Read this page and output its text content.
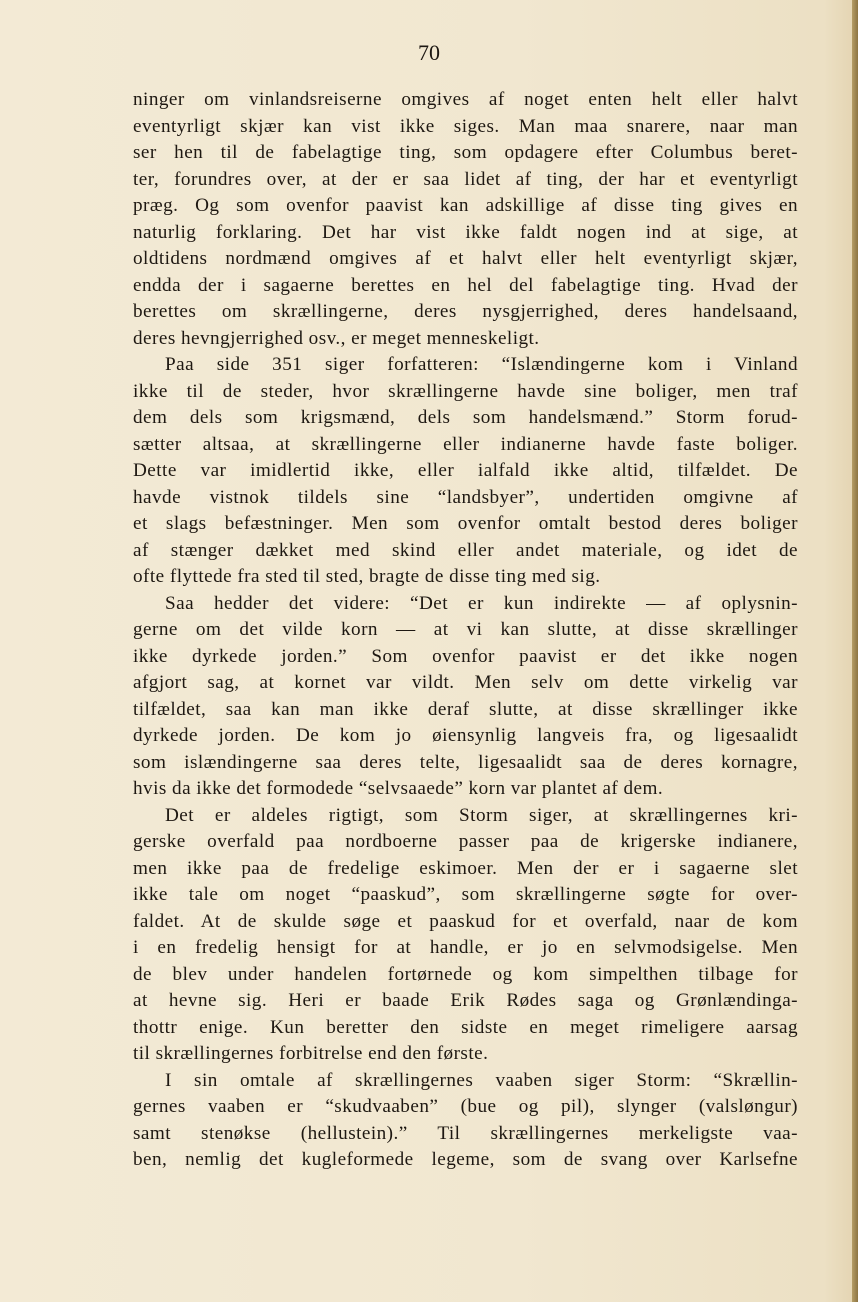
70
ninger om vinlandsreiserne omgives af noget enten helt eller halvt
eventyrligt skjær kan vist ikke siges. Man maa snarere, naar man
ser hen til de fabelagtige ting, som opdagere efter Columbus beret-
ter, forundres over, at der er saa lidet af ting, der har et eventyrligt
præg. Og som ovenfor paavist kan adskillige af disse ting gives en
naturlig forklaring. Det har vist ikke faldt nogen ind at sige, at
oldtidens nordmænd omgives af et halvt eller helt eventyrligt skjær,
endda der i sagaerne berettes en hel del fabelagtige ting. Hvad der
berettes om skrællingerne, deres nysgjerrighed, deres handelsaand,
deres hevngjerrighed osv., er meget menneskeligt.
Paa side 351 siger forfatteren: “Islændingerne kom i Vinland
ikke til de steder, hvor skrællingerne havde sine boliger, men traf
dem dels som krigsmænd, dels som handelsmænd.” Storm forud-
sætter altsaa, at skrællingerne eller indianerne havde faste boliger.
Dette var imidlertid ikke, eller ialfald ikke altid, tilfældet. De
havde vistnok tildels sine “landsbyer”, undertiden omgivne af
et slags befæstninger. Men som ovenfor omtalt bestod deres boliger
af stænger dækket med skind eller andet materiale, og idet de
ofte flyttede fra sted til sted, bragte de disse ting med sig.
Saa hedder det videre: “Det er kun indirekte — af oplysnin-
gerne om det vilde korn — at vi kan slutte, at disse skrællinger
ikke dyrkede jorden.” Som ovenfor paavist er det ikke nogen
afgjort sag, at kornet var vildt. Men selv om dette virkelig var
tilfældet, saa kan man ikke deraf slutte, at disse skrællinger ikke
dyrkede jorden. De kom jo øiensynlig langveis fra, og ligesaalidt
som islændingerne saa deres telte, ligesaalidt saa de deres kornagre,
hvis da ikke det formodede “selvsaaede” korn var plantet af dem.
Det er aldeles rigtigt, som Storm siger, at skrællingernes kri-
gerske overfald paa nordboerne passer paa de krigerske indianere,
men ikke paa de fredelige eskimoer. Men der er i sagaerne slet
ikke tale om noget “paaskud”, som skrællingerne søgte for over-
faldet. At de skulde søge et paaskud for et overfald, naar de kom
i en fredelig hensigt for at handle, er jo en selvmodsigelse. Men
de blev under handelen fortørnede og kom simpelthen tilbage for
at hevne sig. Heri er baade Erik Rødes saga og Grønlændinga-
thottr enige. Kun beretter den sidste en meget rimeligere aarsag
til skrællingernes forbitrelse end den første.
I sin omtale af skrællingernes vaaben siger Storm: “Skrællin-
gernes vaaben er “skudvaaben” (bue og pil), slynger (valsløngur)
samt stenøkse (hellustein).” Til skrællingernes merkeligste vaa-
ben, nemlig det kugleformede legeme, som de svang over Karlsefne
